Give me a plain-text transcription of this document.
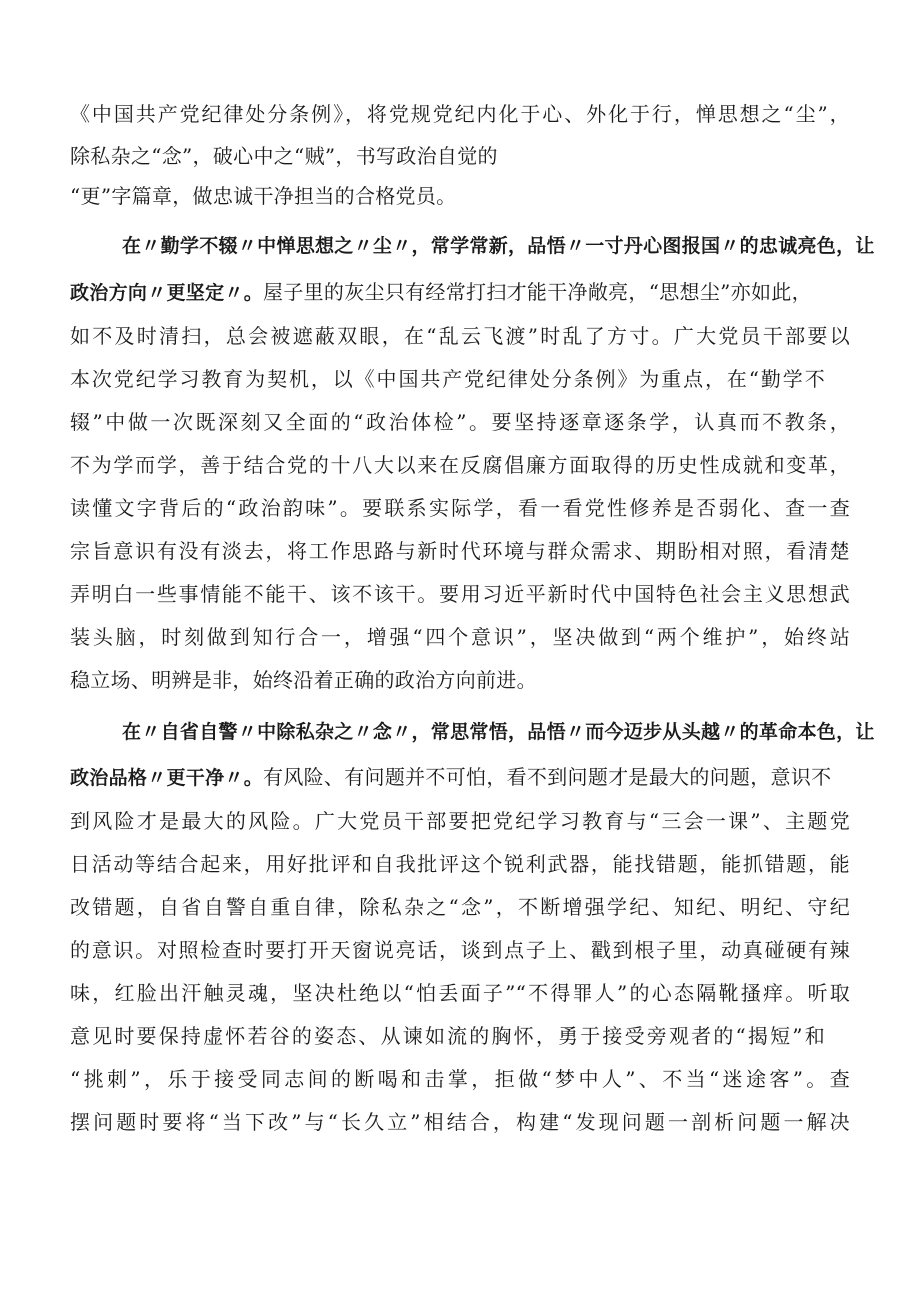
《中国共产党纪律处分条例》，将党规党纪内化于心、外化于行，惮思想之“尘”，
除私杂之“念”，破心中之“贼”，书写政治自觉的
“更”字篇章，做忠诚干净担当的合格党员。
在〃勤学不辍〃中惮思想之〃尘〃，常学常新，品悟〃一寸丹心图报国〃的忠诚亮色，让
政治方向〃更坚定〃。屋子里的灰尘只有经常打扫才能干净敞亮，“思想尘”亦如此，
如不及时清扫，总会被遮蔽双眼，在“乱云飞渡”时乱了方寸。广大党员干部要以
本次党纪学习教育为契机，以《中国共产党纪律处分条例》为重点，在“勤学不
辍”中做一次既深刻又全面的“政治体检”。要坚持逐章逐条学，认真而不教条，
不为学而学，善于结合党的十八大以来在反腐倡廉方面取得的历史性成就和变革，
读懂文字背后的“政治韵味”。要联系实际学，看一看党性修养是否弱化、查一查
宗旨意识有没有淡去，将工作思路与新时代环境与群众需求、期盼相对照，看清楚
弄明白一些事情能不能干、该不该干。要用习近平新时代中国特色社会主义思想武
装头脑，时刻做到知行合一，增强“四个意识”，坚决做到“两个维护”，始终站
稳立场、明辨是非，始终沿着正确的政治方向前进。
在〃自省自警〃中除私杂之〃念〃，常思常悟，品悟〃而今迈步从头越〃的革命本色，让
政治品格〃更干净〃。有风险、有问题并不可怕，看不到问题才是最大的问题，意识不
到风险才是最大的风险。广大党员干部要把党纪学习教育与“三会一课”、主题党
日活动等结合起来，用好批评和自我批评这个锐利武器，能找错题，能抓错题，能
改错题，自省自警自重自律，除私杂之“念”，不断增强学纪、知纪、明纪、守纪
的意识。对照检查时要打开天窗说亮话，谈到点子上、戳到根子里，动真碰硬有辣
味，红脸出汗触灵魂，坚决杜绝以“怕丢面子”“不得罪人”的心态隔靴搔痒。听取
意见时要保持虚怀若谷的姿态、从谏如流的胸怀，勇于接受旁观者的“揭短”和
“挑刺”，乐于接受同志间的断喝和击掌，拒做“梦中人”、不当“迷途客”。查
摆问题时要将“当下改”与“长久立”相结合，构建“发现问题一剖析问题一解决
